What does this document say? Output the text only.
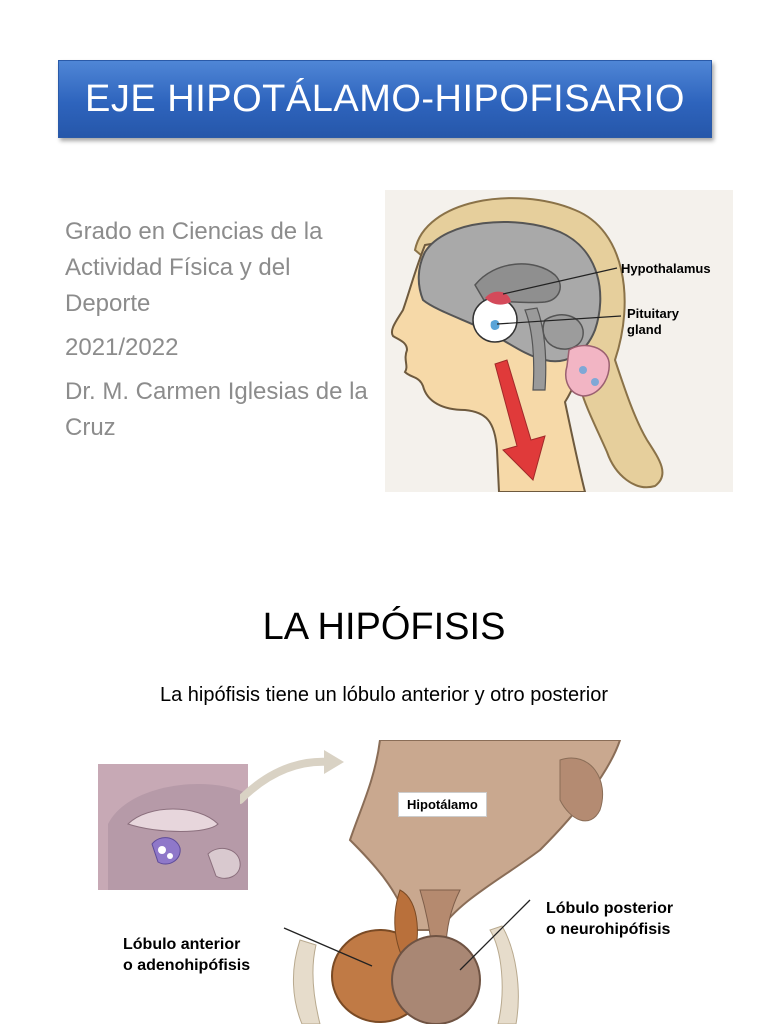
EJE HIPOTÁLAMO-HIPOFISARIO
Grado en Ciencias de la Actividad Física y del Deporte
2021/2022
Dr. M. Carmen Iglesias de la Cruz
Hypothalamus
Pituitary
gland
LA HIPÓFISIS
La hipófisis tiene un lóbulo anterior y otro posterior
Hipotálamo
Lóbulo posterior
o neurohipófisis
Lóbulo anterior
o adenohipófisis
